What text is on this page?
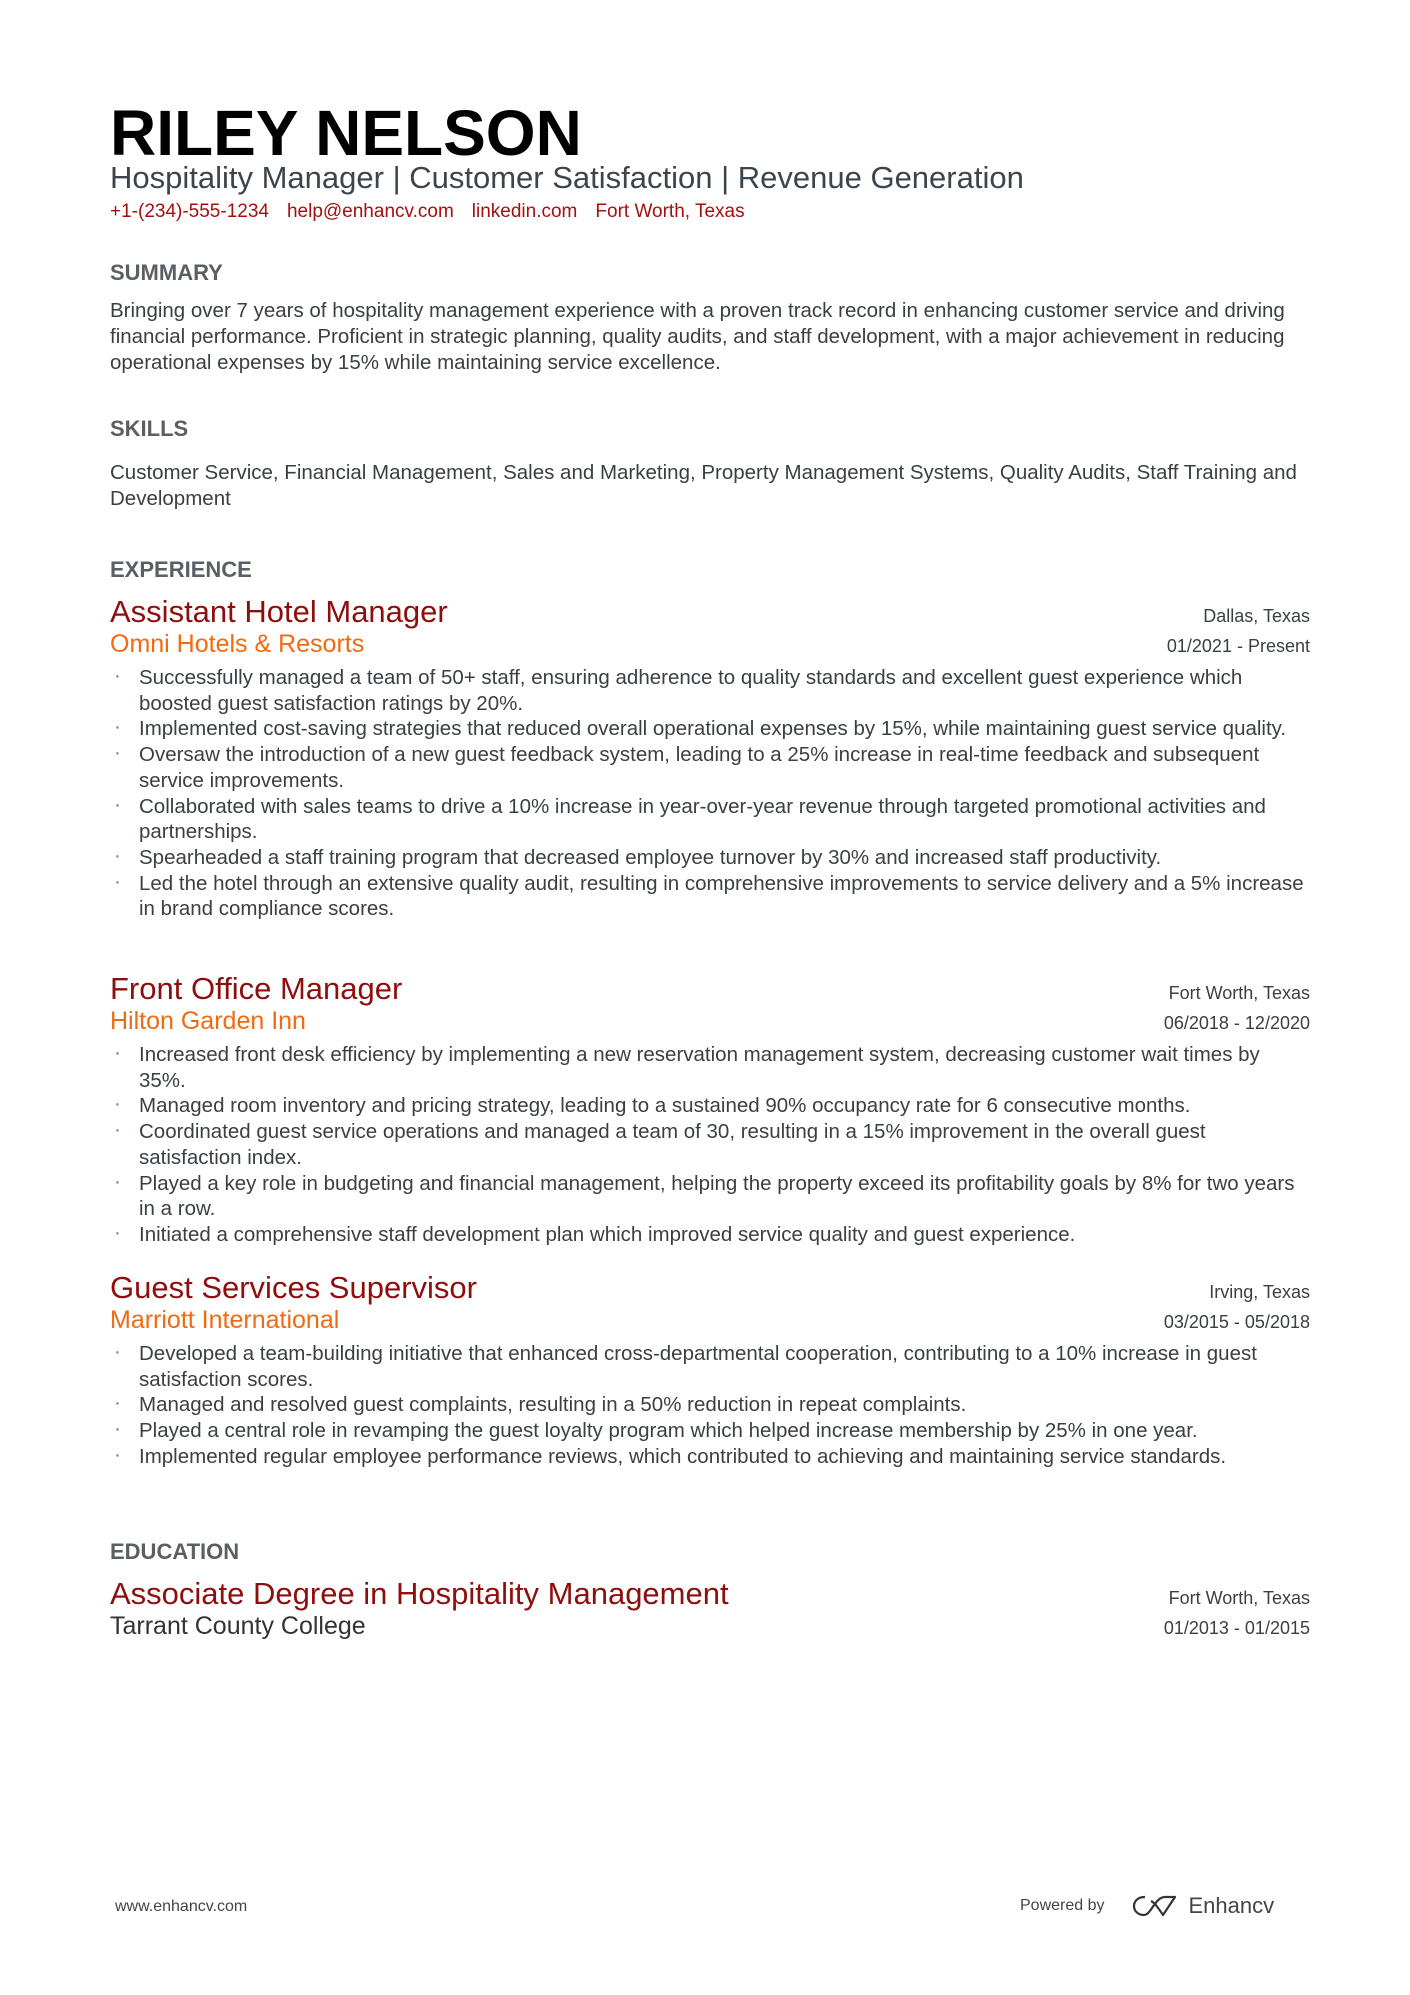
RILEY NELSON
Hospitality Manager | Customer Satisfaction | Revenue Generation
+1-(234)-555-1234 help@enhancv.com linkedin.com Fort Worth, Texas
SUMMARY
Bringing over 7 years of hospitality management experience with a proven track record in enhancing customer service and driving financial performance. Proficient in strategic planning, quality audits, and staff development, with a major achievement in reducing operational expenses by 15% while maintaining service excellence.
SKILLS
Customer Service, Financial Management, Sales and Marketing, Property Management Systems, Quality Audits, Staff Training and Development
EXPERIENCE
Assistant Hotel Manager	Dallas, Texas
Omni Hotels & Resorts	01/2021 - Present
· Successfully managed a team of 50+ staff, ensuring adherence to quality standards and excellent guest experience which boosted guest satisfaction ratings by 20%.
· Implemented cost-saving strategies that reduced overall operational expenses by 15%, while maintaining guest service quality.
· Oversaw the introduction of a new guest feedback system, leading to a 25% increase in real-time feedback and subsequent service improvements.
· Collaborated with sales teams to drive a 10% increase in year-over-year revenue through targeted promotional activities and partnerships.
· Spearheaded a staff training program that decreased employee turnover by 30% and increased staff productivity.
· Led the hotel through an extensive quality audit, resulting in comprehensive improvements to service delivery and a 5% increase in brand compliance scores.
Front Office Manager	Fort Worth, Texas
Hilton Garden Inn	06/2018 - 12/2020
· Increased front desk efficiency by implementing a new reservation management system, decreasing customer wait times by 35%.
· Managed room inventory and pricing strategy, leading to a sustained 90% occupancy rate for 6 consecutive months.
· Coordinated guest service operations and managed a team of 30, resulting in a 15% improvement in the overall guest satisfaction index.
· Played a key role in budgeting and financial management, helping the property exceed its profitability goals by 8% for two years in a row.
· Initiated a comprehensive staff development plan which improved service quality and guest experience.
Guest Services Supervisor	Irving, Texas
Marriott International	03/2015 - 05/2018
· Developed a team-building initiative that enhanced cross-departmental cooperation, contributing to a 10% increase in guest satisfaction scores.
· Managed and resolved guest complaints, resulting in a 50% reduction in repeat complaints.
· Played a central role in revamping the guest loyalty program which helped increase membership by 25% in one year.
· Implemented regular employee performance reviews, which contributed to achieving and maintaining service standards.
EDUCATION
Associate Degree in Hospitality Management	Fort Worth, Texas
Tarrant County College	01/2013 - 01/2015
www.enhancv.com	Powered by	Enhancv
